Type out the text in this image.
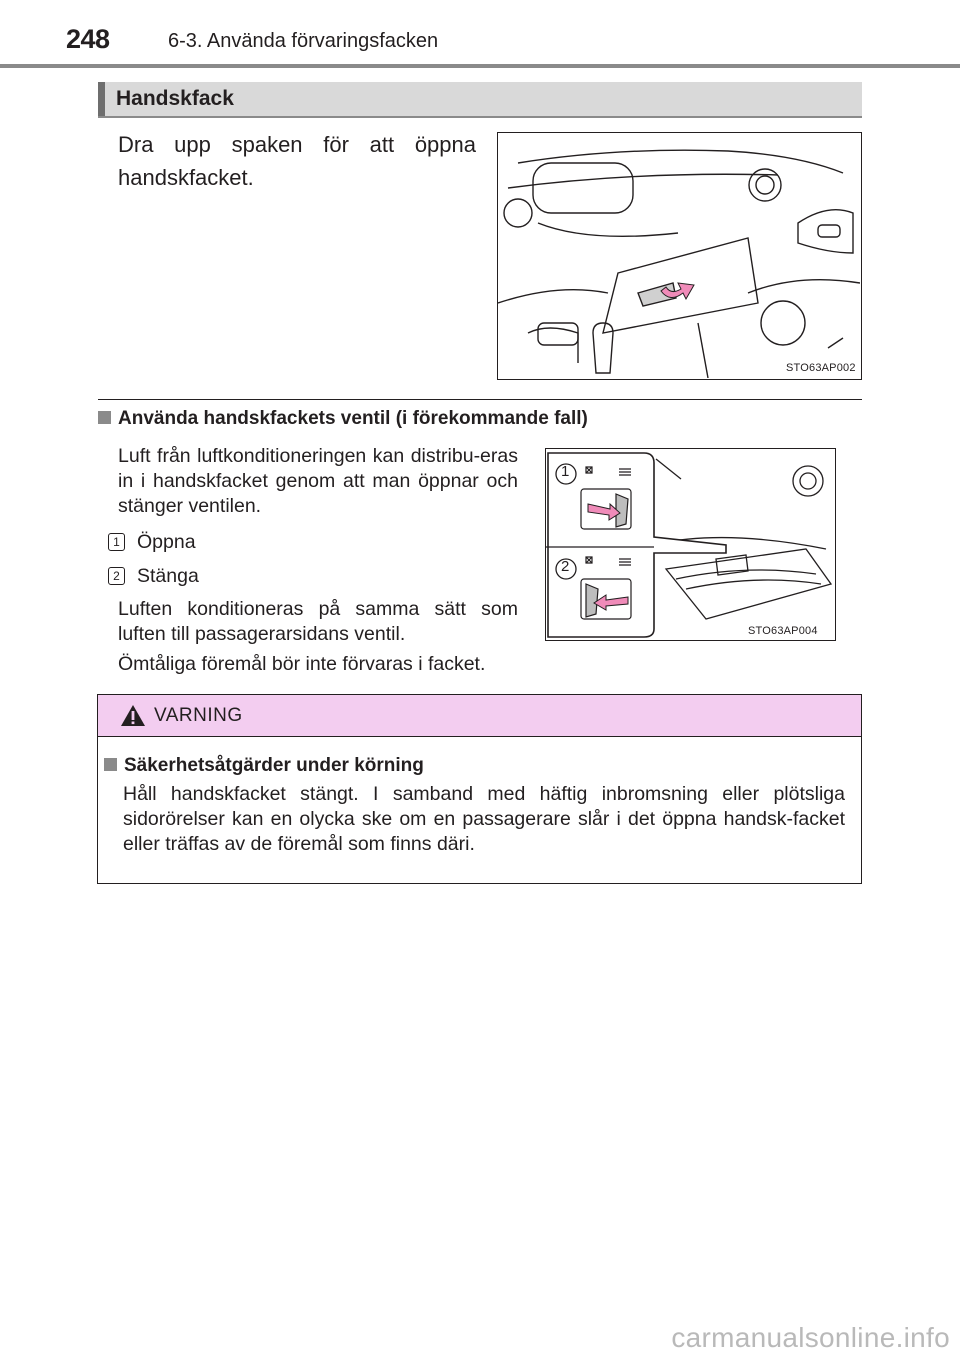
248	6-3. Använda förvaringsfacken
Handskfack
Dra upp spaken för att öppna handskfacket.
STO63AP002
Använda handskfackets ventil (i förekommande fall)
Luft från luftkonditioneringen kan distribu-eras in i handskfacket genom att man öppnar och stänger ventilen.
1 Öppna
2 Stänga
Luften konditioneras på samma sätt som luften till passagerarsidans ventil.
Ömtåliga föremål bör inte förvaras i facket.
1
2
STO63AP004
VARNING
Säkerhetsåtgärder under körning
Håll handskfacket stängt. I samband med häftig inbromsning eller plötsliga sidorörelser kan en olycka ske om en passagerare slår i det öppna handsk-facket eller träffas av de föremål som finns däri.
carmanualsonline.info
